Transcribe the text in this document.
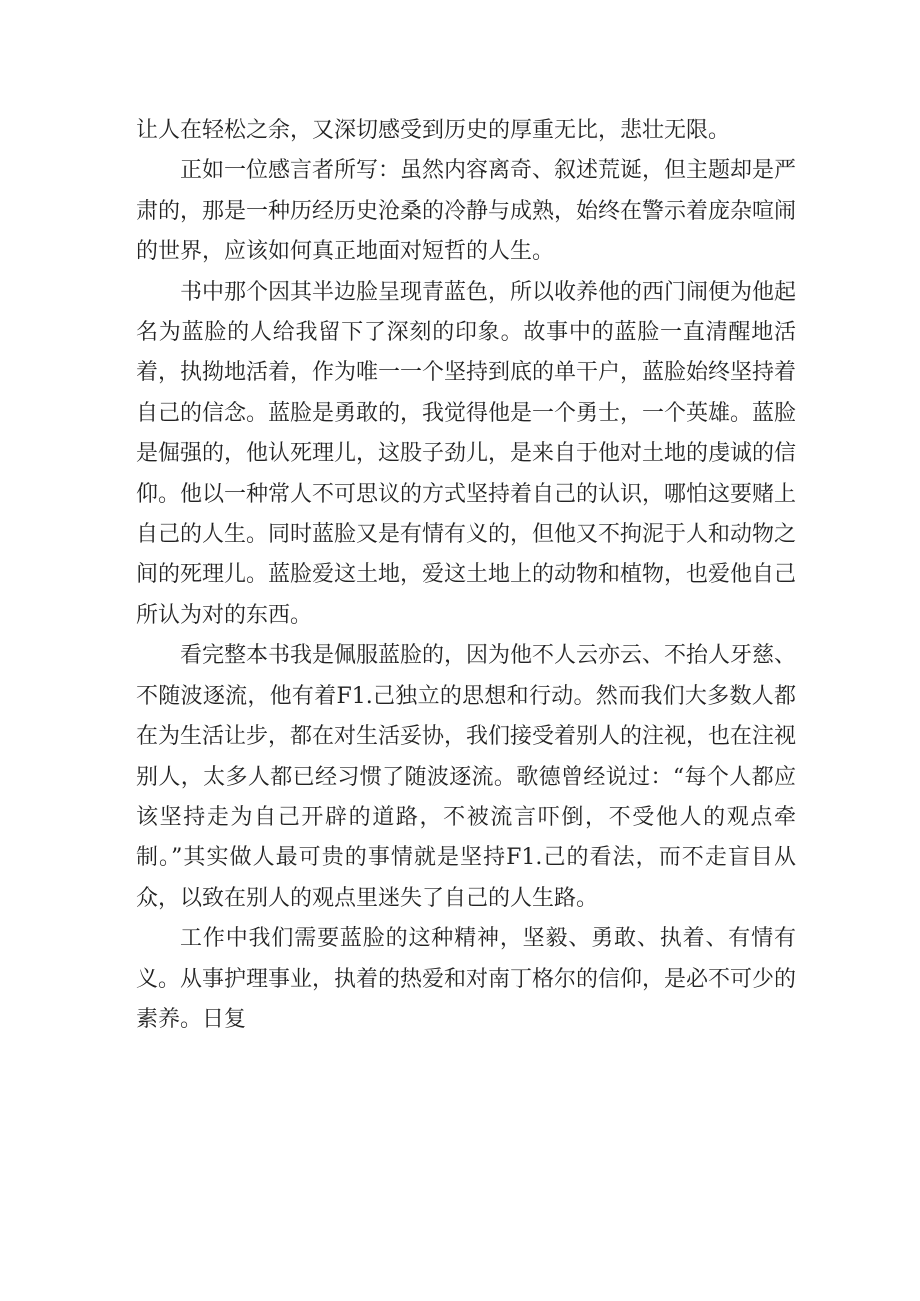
让人在轻松之余，又深切感受到历史的厚重无比，悲壮无限。

正如一位感言者所写：虽然内容离奇、叙述荒诞，但主题却是严肃的，那是一种历经历史沧桑的冷静与成熟，始终在警示着庞杂喧闹的世界，应该如何真正地面对短哲的人生。

书中那个因其半边脸呈现青蓝色，所以收养他的西门闹便为他起名为蓝脸的人给我留下了深刻的印象。故事中的蓝脸一直清醒地活着，执拗地活着，作为唯一一个坚持到底的单干户，蓝脸始终坚持着自己的信念。蓝脸是勇敢的，我觉得他是一个勇士，一个英雄。蓝脸是倔强的，他认死理儿，这股子劲儿，是来自于他对土地的虔诚的信仰。他以一种常人不可思议的方式坚持着自己的认识，哪怕这要赌上自己的人生。同时蓝脸又是有情有义的，但他又不拘泥于人和动物之间的死理儿。蓝脸爱这土地，爱这土地上的动物和植物，也爱他自己所认为对的东西。

看完整本书我是佩服蓝脸的，因为他不人云亦云、不抬人牙慈、不随波逐流，他有着F1.己独立的思想和行动。然而我们大多数人都在为生活让步，都在对生活妥协，我们接受着别人的注视，也在注视别人，太多人都已经习惯了随波逐流。歌德曾经说过：“每个人都应该坚持走为自己开辟的道路，不被流言吓倒，不受他人的观点牵制。”其实做人最可贵的事情就是坚持F1.己的看法，而不走盲目从众，以致在别人的观点里迷失了自己的人生路。

工作中我们需要蓝脸的这种精神，坚毅、勇敢、执着、有情有义。从事护理事业，执着的热爱和对南丁格尔的信仰，是必不可少的素养。日复
